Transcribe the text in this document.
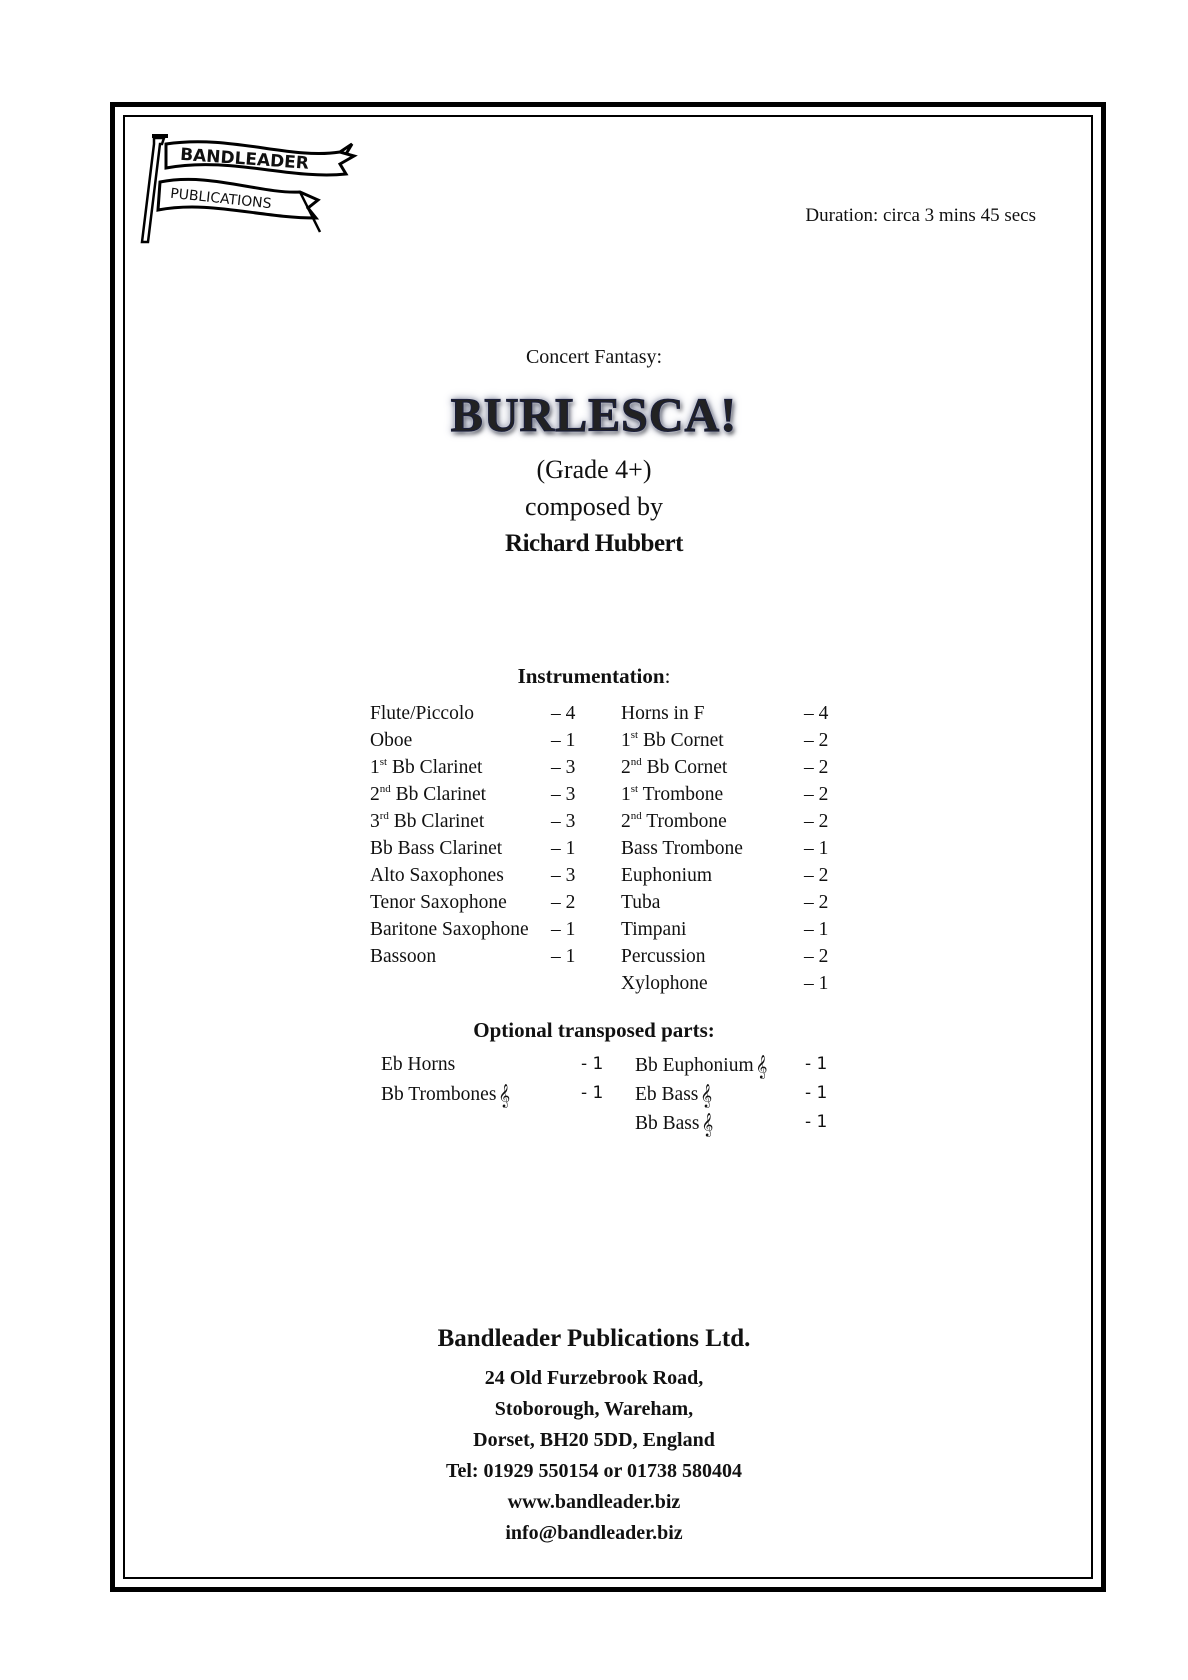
BANDLEADER
PUBLICATIONS
Duration: circa 3 mins 45 secs
Concert Fantasy:
BURLESCA!
(Grade 4+)
composed by
Richard Hubbert
Instrumentation:
Flute/Piccolo	– 4
Oboe	– 1
1st Bb Clarinet	– 3
2nd Bb Clarinet	– 3
3rd Bb Clarinet	– 3
Bb Bass Clarinet	– 1
Alto Saxophones – 3
Tenor Saxophone – 2
Baritone Saxophone – 1
Bassoon	– 1
Horns in F	– 4
1st Bb Cornet	– 2
2nd Bb Cornet	– 2
1st Trombone	– 2
2nd Trombone	– 2
Bass Trombone	– 1
Euphonium	– 2
Tuba	– 2
Timpani	– 1
Percussion	– 2
Xylophone	– 1
Optional transposed parts:
Eb Horns	- 1
Bb Trombones 𝄞	- 1
Bb Euphonium 𝄞 - 1
Eb Bass 𝄞	- 1
Bb Bass 𝄞	- 1
Bandleader Publications Ltd.
24 Old Furzebrook Road,
Stoborough, Wareham,
Dorset, BH20 5DD, England
Tel: 01929 550154 or 01738 580404
www.bandleader.biz
info@bandleader.biz
